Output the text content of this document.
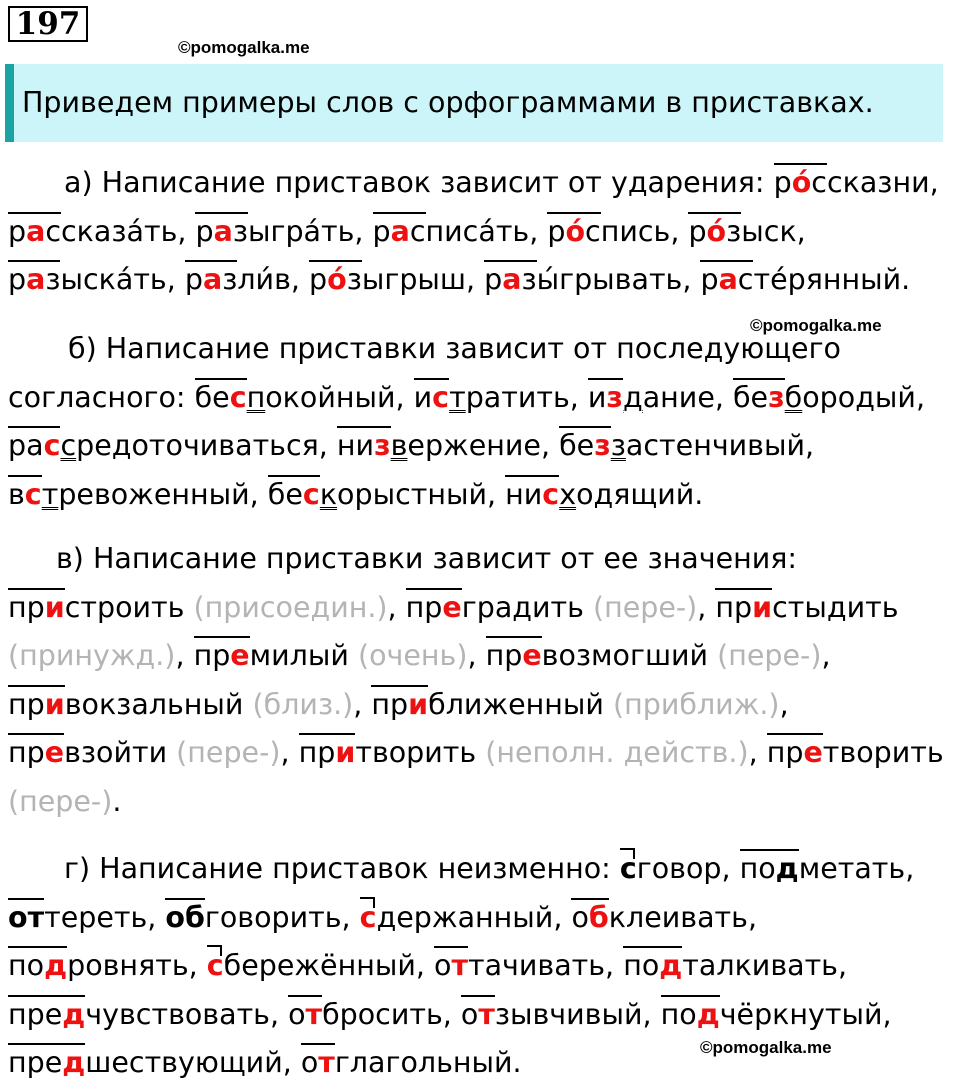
197
©pomogalka.me
©pomogalka.me
©pomogalka.me
Приведем примеры слов с орфограммами в приставках.
а) Написание приставок зависит от ударения: ро́ссказни,
рассказа́ть, разыгра́ть, расписа́ть, ро́спись, ро́зыск,
разыска́ть, разли́в, ро́зыгрыш, разы́грывать, расте́рянный.
б) Написание приставки зависит от последующего
согласного: беспокойный, истратить, издание, безбородый,
рассредоточиваться, низвержение, беззастенчивый,
встревоженный, бескорыстный, нисходящий.
в) Написание приставки зависит от ее значения:
пристроить (присоедин.), преградить (пере-), пристыдить
(принужд.), премилый (очень), превозмогший (пере-),
привокзальный (близ.), приближенный (приближ.),
превзойти (пере-), притворить (неполн. действ.), претворить
(пере-).
г) Написание приставок неизменно: сговор, подметать,
оттереть, обговорить, сдержанный, обклеивать,
подровнять, сбережённый, оттачивать, подталкивать,
предчувствовать, отбросить, отзывчивый, подчёркнутый,
предшествующий, отглагольный.
